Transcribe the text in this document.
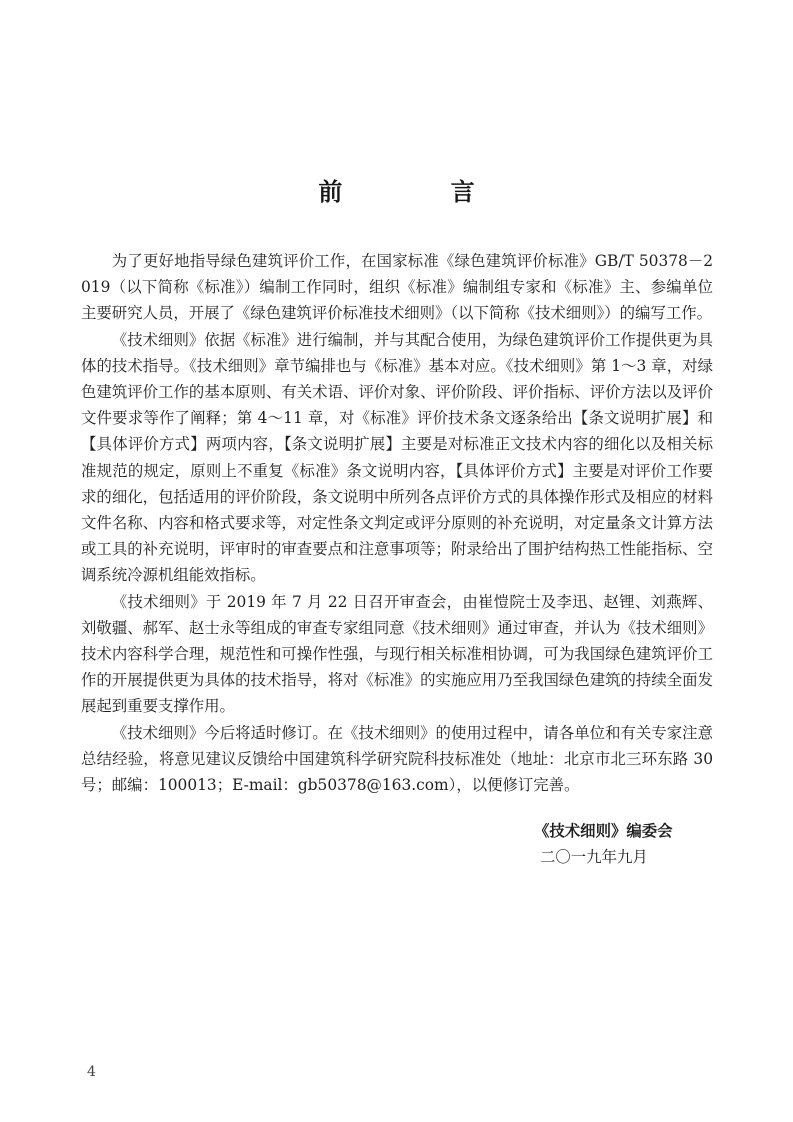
前 言

为了更好地指导绿色建筑评价工作，在国家标准《绿色建筑评价标准》GB/T 50378－2019（以下简称《标准》）编制工作同时，组织《标准》编制组专家和《标准》主、参编单位主要研究人员，开展了《绿色建筑评价标准技术细则》（以下简称《技术细则》）的编写工作。

《技术细则》依据《标准》进行编制，并与其配合使用，为绿色建筑评价工作提供更为具体的技术指导。《技术细则》章节编排也与《标准》基本对应。《技术细则》第 1～3 章，对绿色建筑评价工作的基本原则、有关术语、评价对象、评价阶段、评价指标、评价方法以及评价文件要求等作了阐释；第 4～11 章，对《标准》评价技术条文逐条给出【条文说明扩展】和【具体评价方式】两项内容，【条文说明扩展】主要是对标准正文技术内容的细化以及相关标准规范的规定，原则上不重复《标准》条文说明内容，【具体评价方式】主要是对评价工作要求的细化，包括适用的评价阶段，条文说明中所列各点评价方式的具体操作形式及相应的材料文件名称、内容和格式要求等，对定性条文判定或评分原则的补充说明，对定量条文计算方法或工具的补充说明，评审时的审查要点和注意事项等；附录给出了围护结构热工性能指标、空调系统冷源机组能效指标。

《技术细则》于 2019 年 7 月 22 日召开审查会，由崔愷院士及李迅、赵锂、刘燕辉、刘敬疆、郝军、赵士永等组成的审查专家组同意《技术细则》通过审查，并认为《技术细则》技术内容科学合理，规范性和可操作性强，与现行相关标准相协调，可为我国绿色建筑评价工作的开展提供更为具体的技术指导，将对《标准》的实施应用乃至我国绿色建筑的持续全面发展起到重要支撑作用。

《技术细则》今后将适时修订。在《技术细则》的使用过程中，请各单位和有关专家注意总结经验，将意见建议反馈给中国建筑科学研究院科技标准处（地址：北京市北三环东路 30 号；邮编：100013；E-mail：gb50378@163.com），以便修订完善。

《技术细则》编委会
二〇一九年九月
4
